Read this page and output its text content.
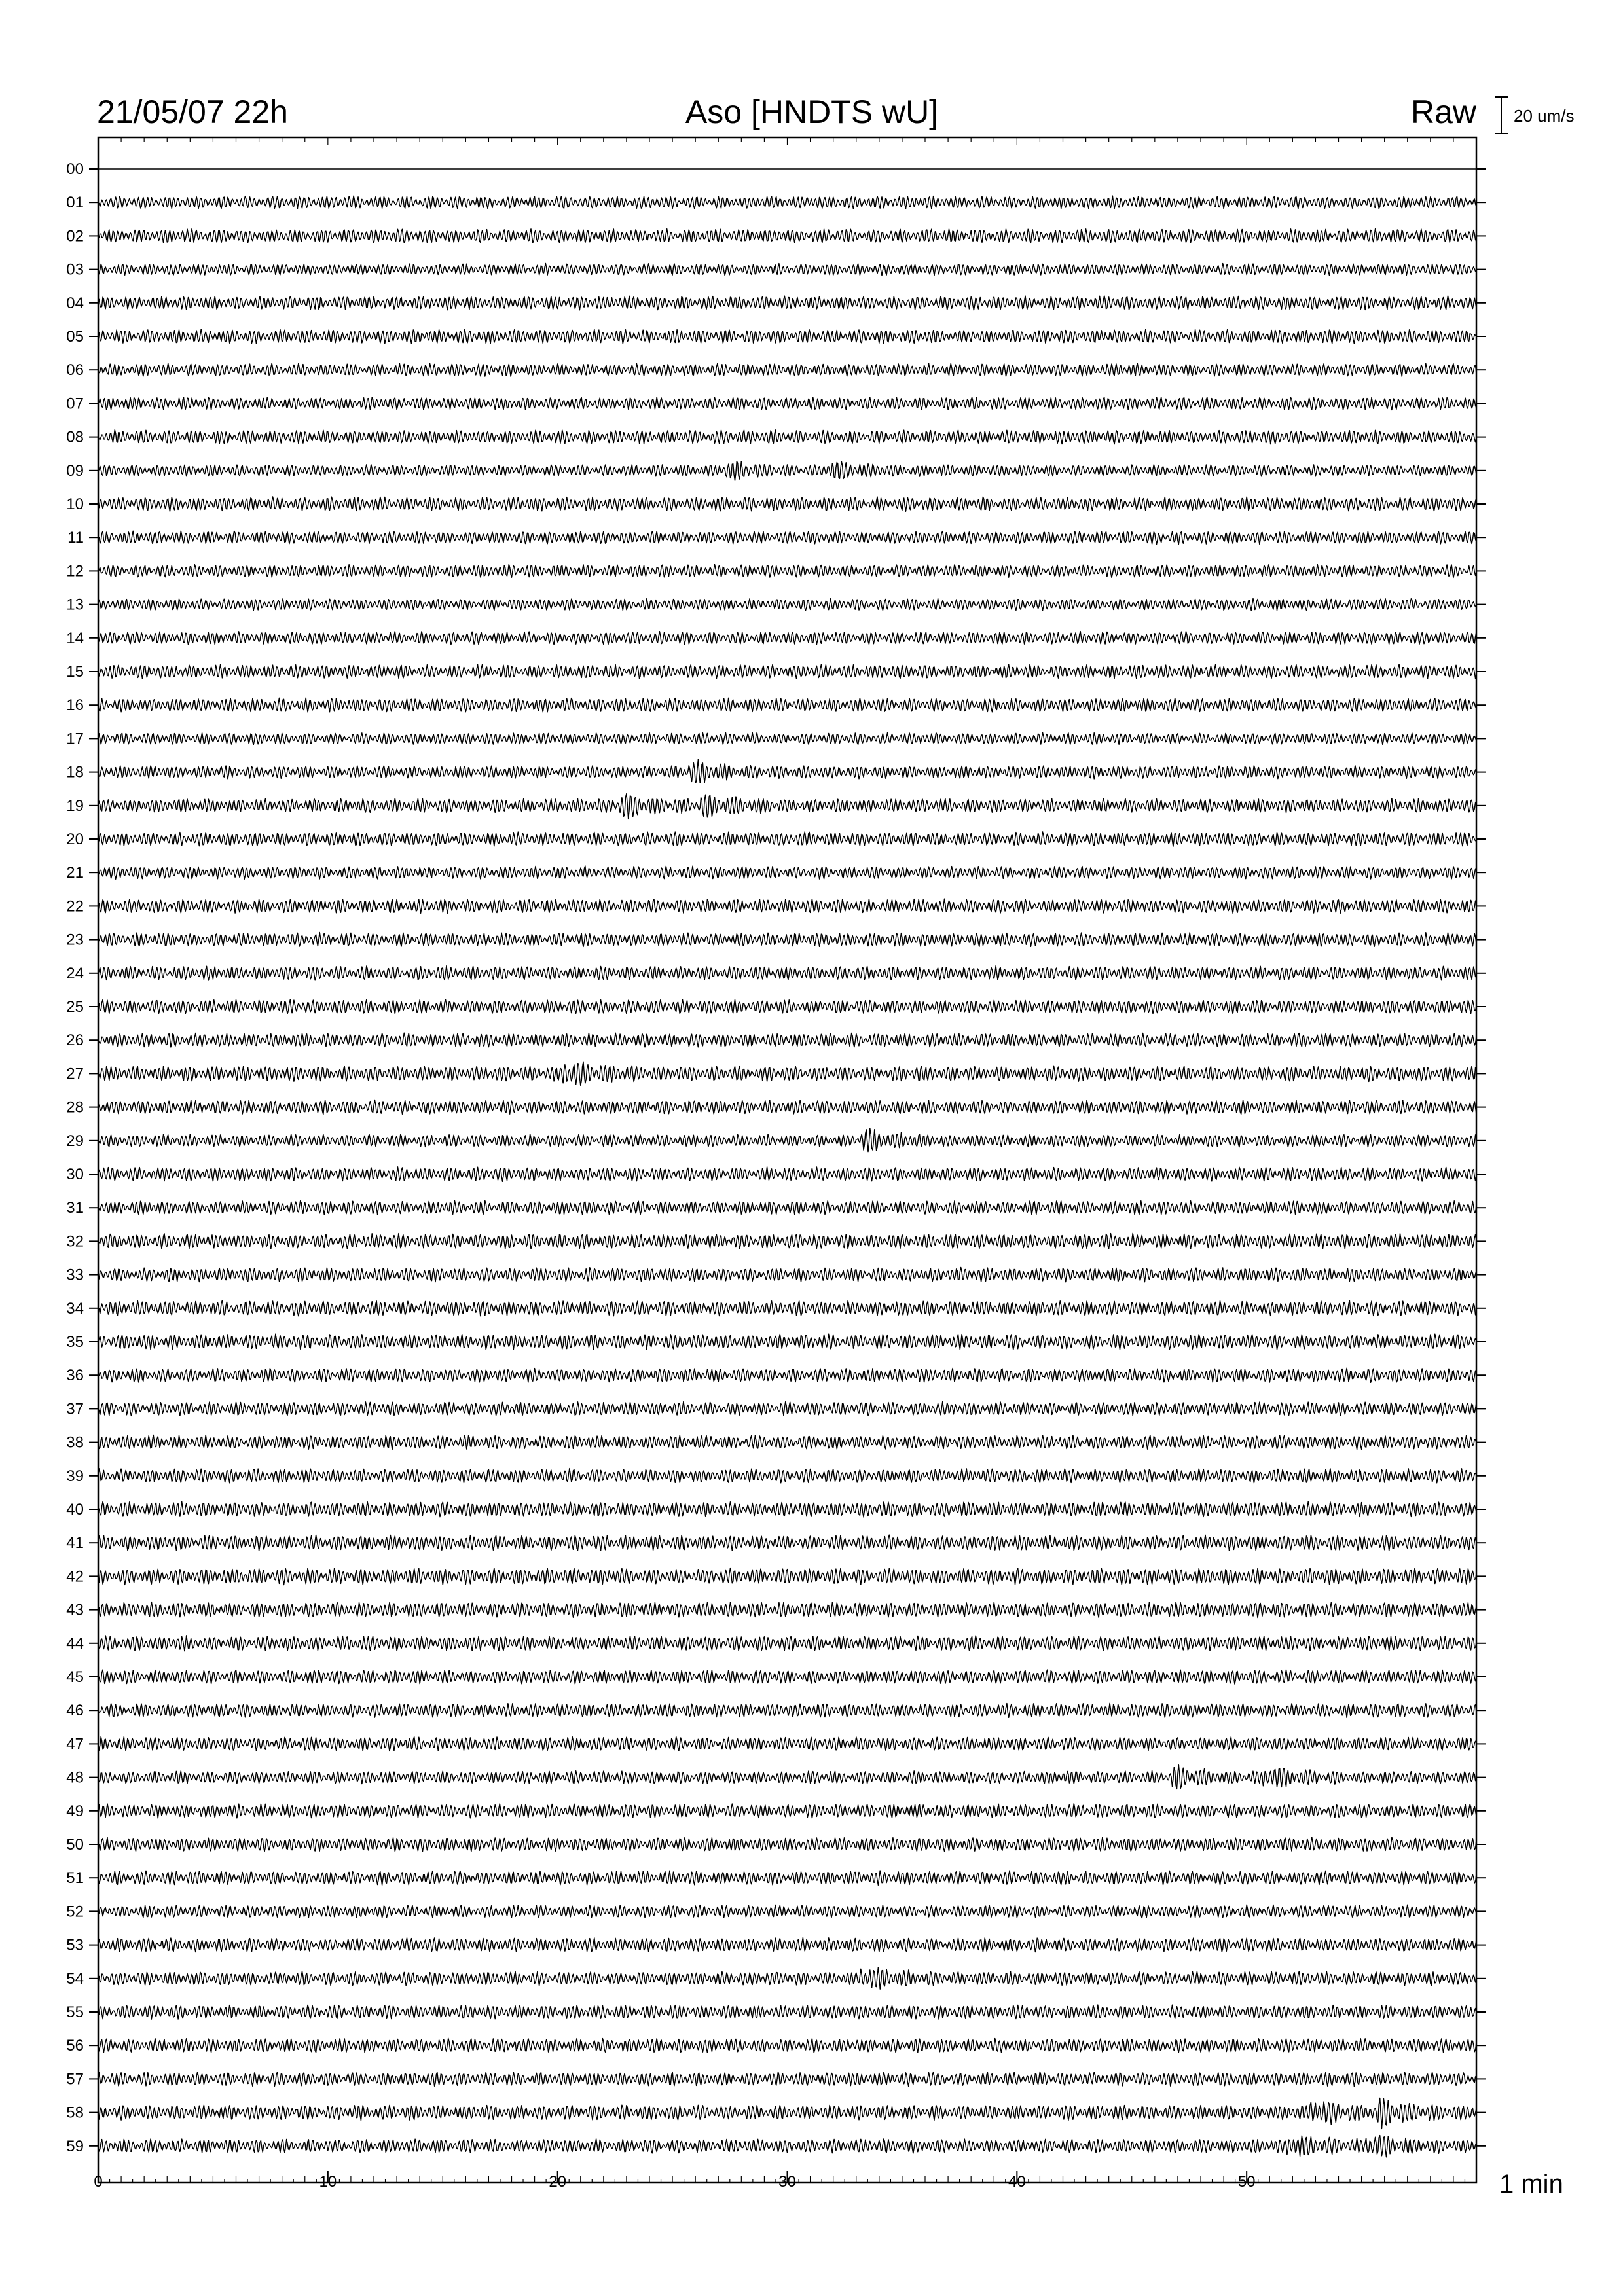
21/05/07 22h	Aso [HNDTS wU]	Raw 20 um/s
00
01
02
03
04
05
06
07
08
09
10
11
12
13
14
15
16
17
18
19
20
21
22
23
24
25
26
27
28
29
30
31
32
33
34
35
36
37
38
39
40
41
42
43
44
45
46
47
48
49
50
51
52
53
54
55
56
57
58
59
0	10	20	30	40	50	1 min
